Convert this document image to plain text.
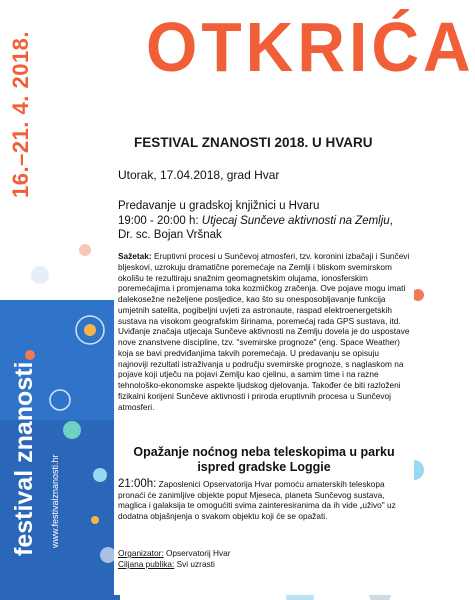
16.–21. 4. 2018.
festival znanosti www.festivalznanosti.hr
OTKRIĆA
FESTIVAL ZNANOSTI 2018. U HVARU
Utorak, 17.04.2018, grad Hvar
Predavanje u gradskoj knjižnici u Hvaru
19:00 - 20:00 h: Utjecaj Sunčeve aktivnosti na Zemlju, Dr. sc. Bojan Vršnak
Sažetak: Eruptivni procesi u Sunčevoj atmosferi, tzv. koronini izbačaji i Sunčevi bljeskovi, uzrokuju dramatične poremećaje na Zemlji i bliskom svemirskom okolišu te rezultiraju snažnim geomagnetskim olujama, ionosferskim poremećajima i promjenama toka kozmičkog zračenja. Ove pojave mogu imati dalekosežne neželjene posljedice, kao što su onesposobljavanje funkcija umjetnih satelita, pogibeljni uvjeti za astronaute, raspad elektroenergetskih sustava na visokom geografskim širinama, poremećaj rada GPS sustava, itd. Uviđanje značaja utjecaja Sunčeve aktivnosti na Zemlju dovela je do uspostave nove znanstvene discipline, tzv. "svemirske prognoze" (eng. Space Weather) koja se bavi predviđanjima takvih poremećaja. U predavanju se opisuju najnoviji rezultati istraživanja u području svemirske prognoze, s naglaskom na pojave koji utječu na pojavi Zemlju kao cjelinu, a samim time i na razne tehnološko-ekonomske aspekte ljudskog djelovanja. Također će biti razloženi fizikalni korijeni Sunčeve aktivnosti i priroda eruptivnih procesa u Sunčevoj atmosferi.
Opažanje noćnog neba teleskopima u parku ispred gradske Loggie
21:00h: Zaposlenici Opservatorija Hvar pomoću amaterskih teleskopa pronaći će zanimljive objekte poput Mjeseca, planeta Sunčevog sustava, maglica i galaksija te omogućiti svima zainteresiranima da ih vide „uživo" uz dodatna objašnjenja o svakom objektu koji će se opažati.
Organizator: Opservatorij Hvar
Ciljana publika: Svi uzrasti
